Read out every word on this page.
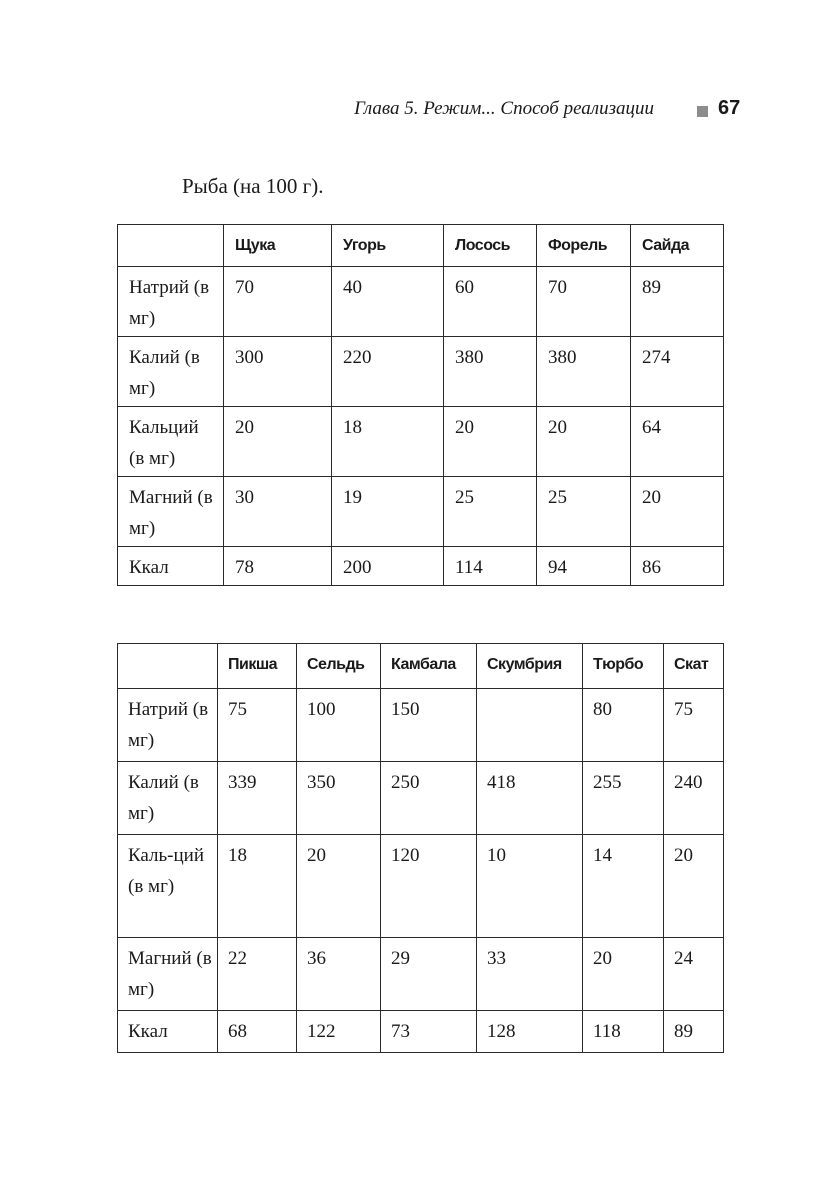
Глава 5. Режим... Способ реализации	67
Рыба (на 100 г).
	Щука	Угорь	Лосось	Форель	Сайда
Натрий (в мг)	70	40	60	70	89
Калий (в мг)	300	220	380	380	274
Кальций (в мг)	20	18	20	20	64
Магний (в мг)	30	19	25	25	20
Ккал	78	200	114	94	86
	Пикша	Сельдь	Камбала	Скумбрия	Тюрбо	Скат
Натрий (в мг)	75	100	150		80	75
Калий (в мг)	339	350	250	418	255	240
Каль-ций (в мг)	18	20	120	10	14	20
Магний (в мг)	22	36	29	33	20	24
Ккал	68	122	73	128	118	89
